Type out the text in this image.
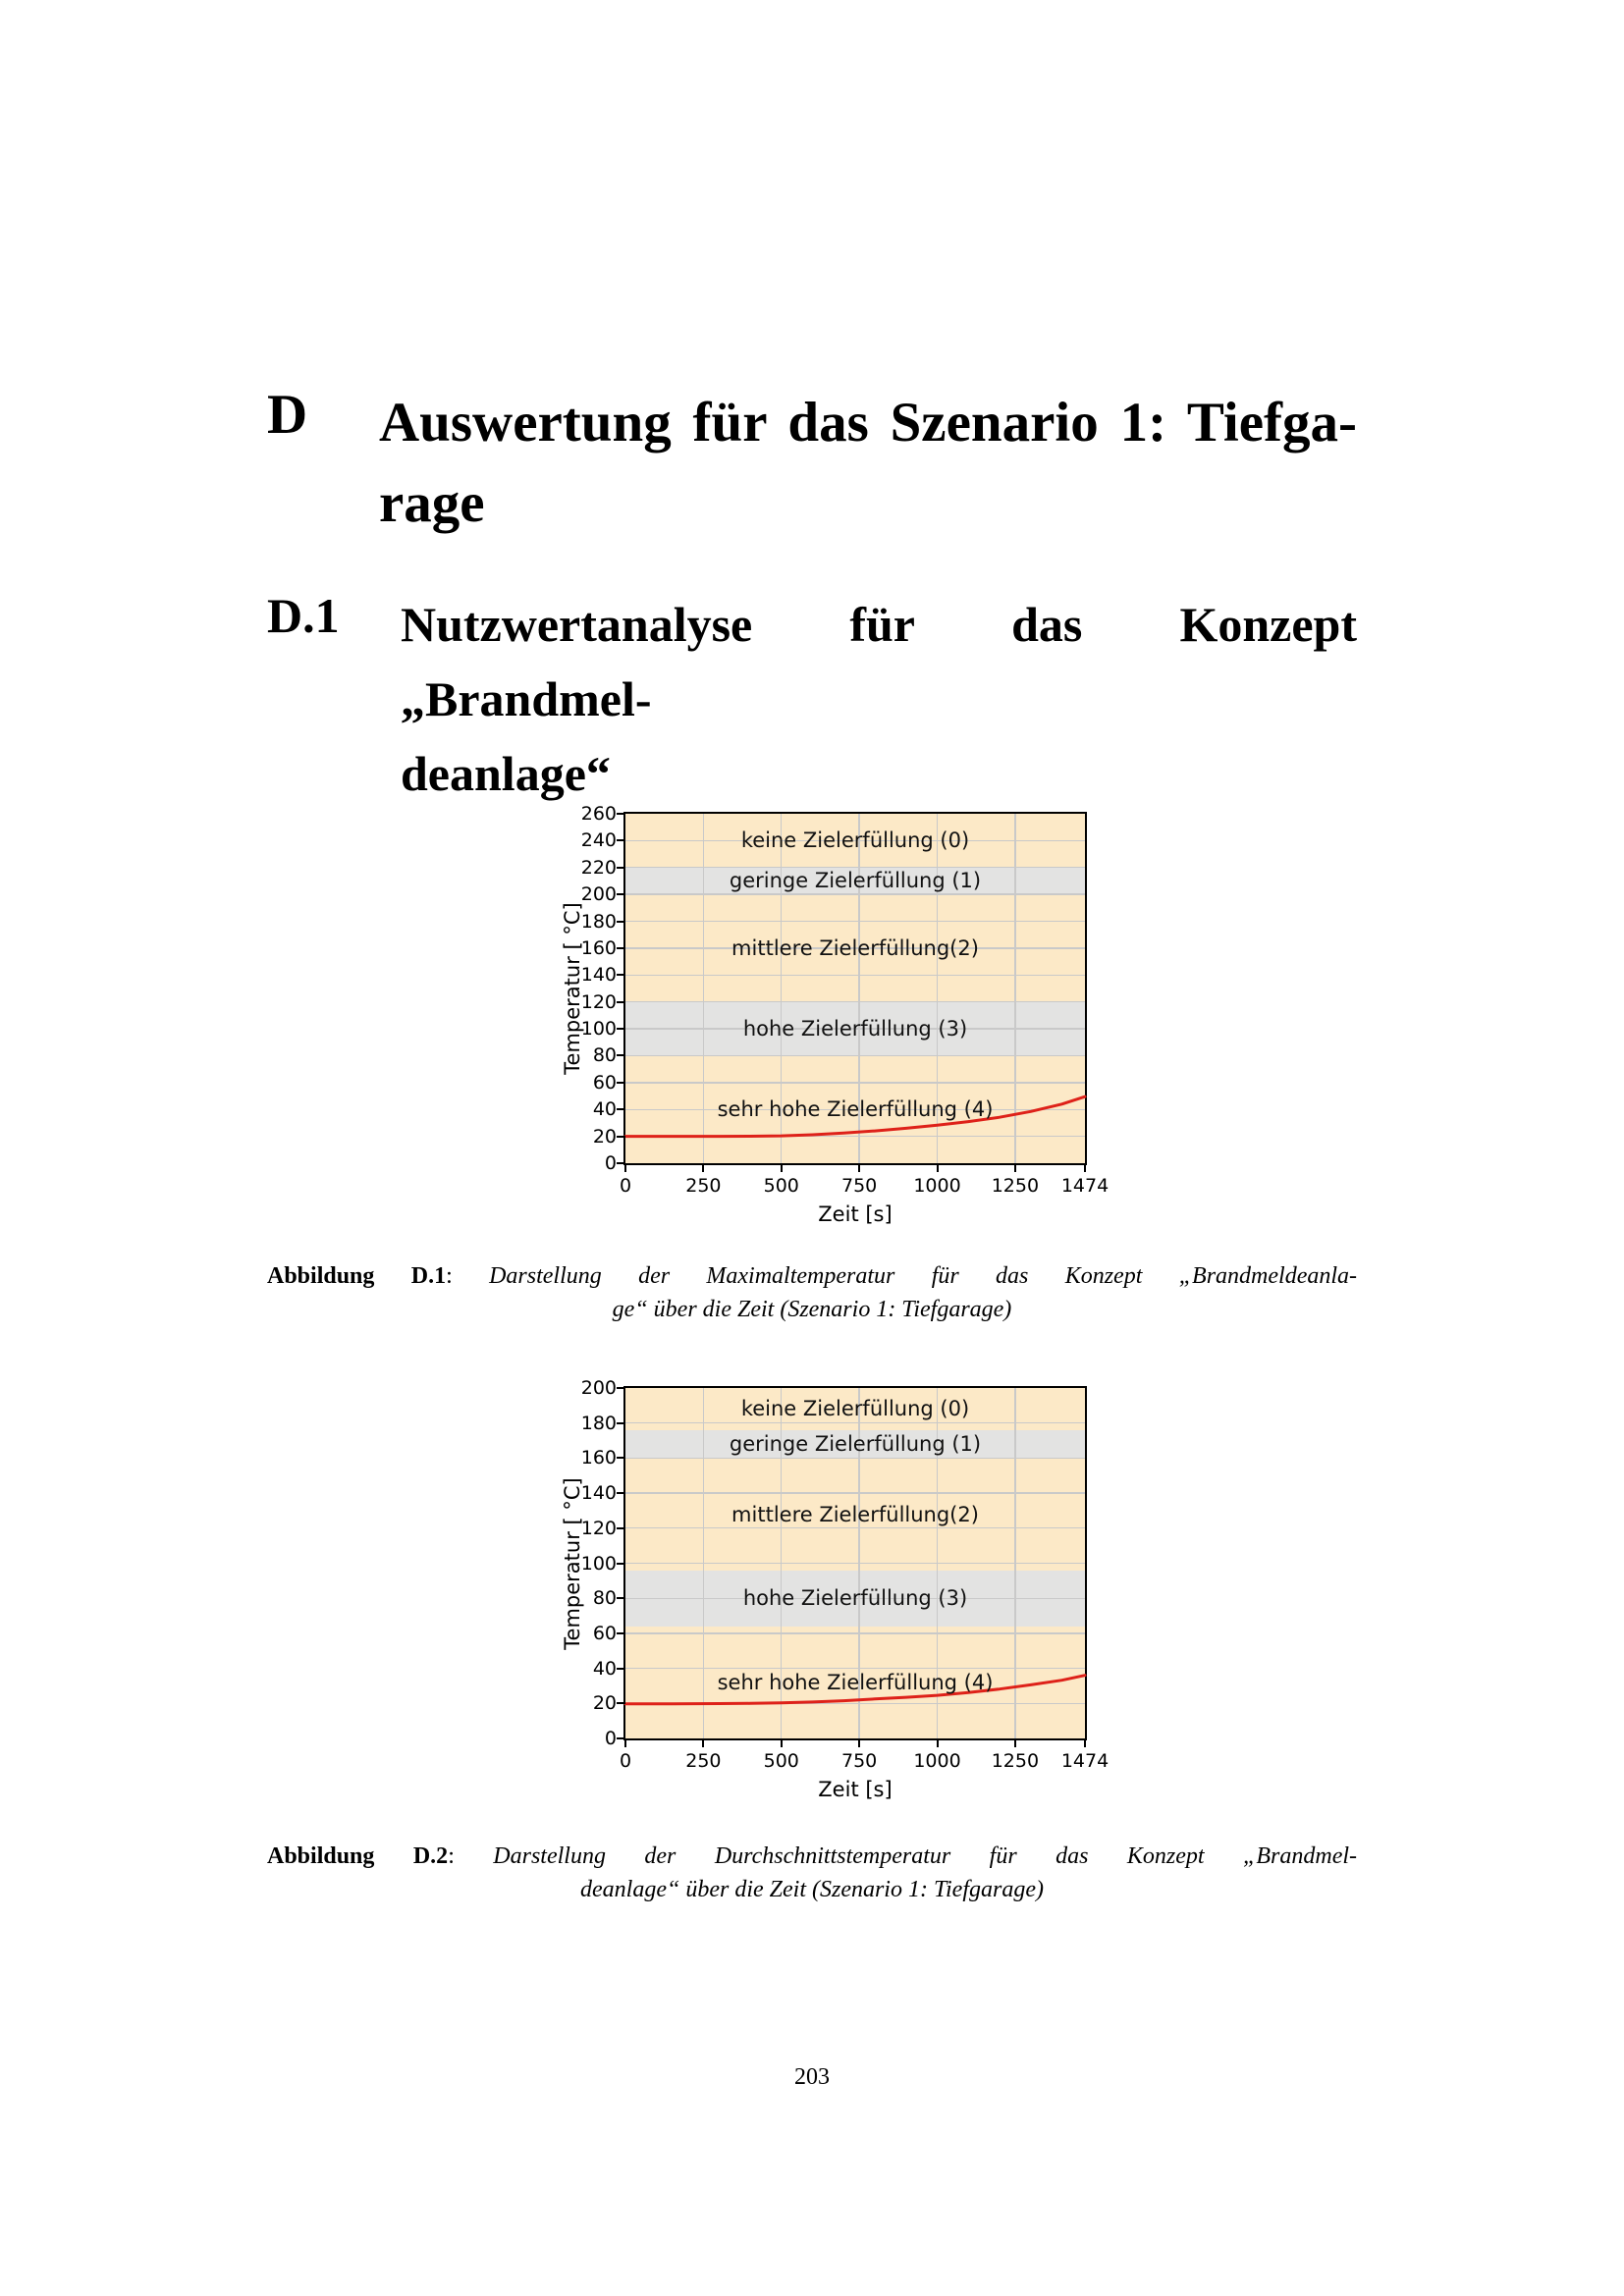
D Auswertung für das Szenario 1: Tiefga-
rage
D.1 Nutzwertanalyse für das Konzept „Brandmel-
deanlage“
Temperatur [ °C]
keine Zielerfüllung (0)
geringe Zielerfüllung (1)
mittlere Zielerfüllung(2)
hohe Zielerfüllung (3)
sehr hohe Zielerfüllung (4)
0	250	500	750	1000	1250	1474
0
20
40
60
80
100
120
140
160
180
200
220
240
260
Zeit [s]
Abbildung D.1: Darstellung der Maximaltemperatur für das Konzept „Brandmeldeanla-
ge“ über die Zeit (Szenario 1: Tiefgarage)
Temperatur [ °C]
keine Zielerfüllung (0)
geringe Zielerfüllung (1)
mittlere Zielerfüllung(2)
hohe Zielerfüllung (3)
sehr hohe Zielerfüllung (4)
0	250	500	750	1000	1250	1474
0
20
40
60
80
100
120
140
160
180
200
Zeit [s]
Abbildung D.2: Darstellung der Durchschnittstemperatur für das Konzept „Brandmel-
deanlage“ über die Zeit (Szenario 1: Tiefgarage)
203
